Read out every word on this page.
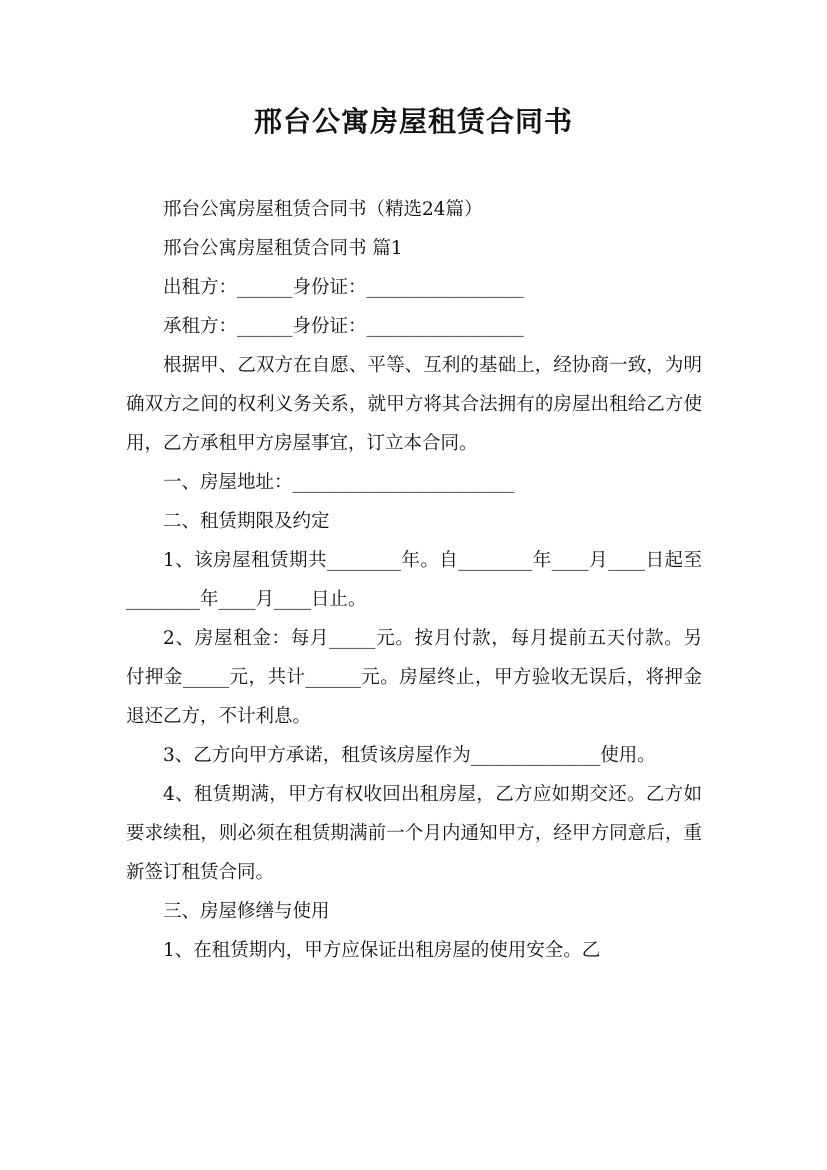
邢台公寓房屋租赁合同书

邢台公寓房屋租赁合同书（精选24篇）

邢台公寓房屋租赁合同书 篇1

出租方：______身份证：_________________

承租方：______身份证：_________________

根据甲、乙双方在自愿、平等、互利的基础上，经协商一致，为明确双方之间的权利义务关系，就甲方将其合法拥有的房屋出租给乙方使用，乙方承租甲方房屋事宜，订立本合同。

一、房屋地址：________________________

二、租赁期限及约定

1、该房屋租赁期共________年。自________年____月____日起至________年____月____日止。

2、房屋租金：每月_____元。按月付款，每月提前五天付款。另付押金_____元，共计______元。房屋终止，甲方验收无误后，将押金退还乙方，不计利息。

3、乙方向甲方承诺，租赁该房屋作为______________使用。

4、租赁期满，甲方有权收回出租房屋，乙方应如期交还。乙方如要求续租，则必须在租赁期满前一个月内通知甲方，经甲方同意后，重新签订租赁合同。

三、房屋修缮与使用

1、在租赁期内，甲方应保证出租房屋的使用安全。乙
